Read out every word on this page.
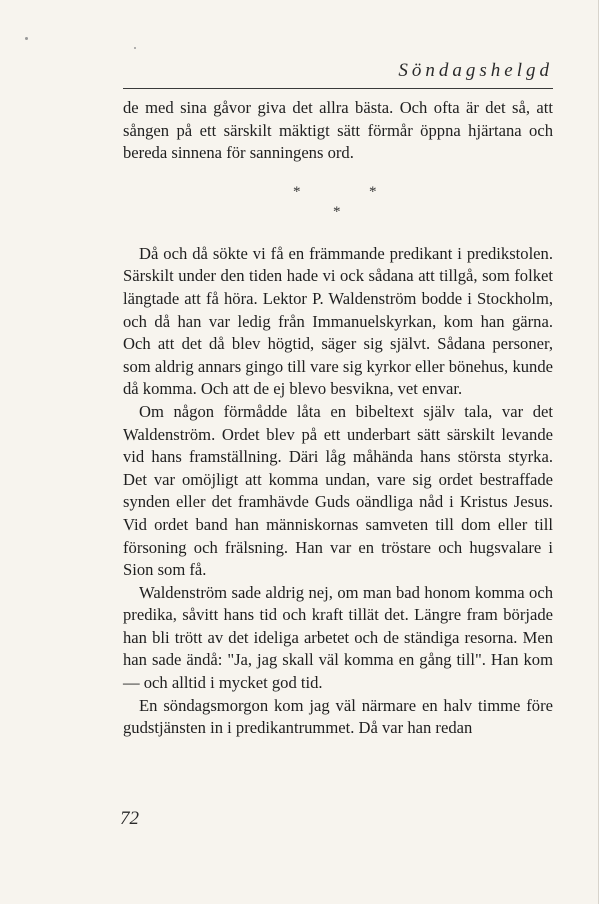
Söndagshelgd

de med sina gåvor giva det allra bästa. Och ofta är det så, att sången på ett särskilt mäktigt sätt förmår öppna hjärtana och bereda sinnena för sanningens ord.

*	*
*

Då och då sökte vi få en främmande predikant i predikstolen. Särskilt under den tiden hade vi ock sådana att tillgå, som folket längtade att få höra. Lektor P. Waldenström bodde i Stockholm, och då han var ledig från Immanuelskyrkan, kom han gärna. Och att det då blev högtid, säger sig självt. Sådana personer, som aldrig annars gingo till vare sig kyrkor eller bönehus, kunde då komma. Och att de ej blevo besvikna, vet envar.

Om någon förmådde låta en bibeltext själv tala, var det Waldenström. Ordet blev på ett underbart sätt särskilt levande vid hans framställning. Däri låg måhända hans största styrka. Det var omöjligt att komma undan, vare sig ordet bestraffade synden eller det framhävde Guds oändliga nåd i Kristus Jesus. Vid ordet band han människornas samveten till dom eller till försoning och frälsning. Han var en tröstare och hugsvalare i Sion som få.

Waldenström sade aldrig nej, om man bad honom komma och predika, såvitt hans tid och kraft tillät det. Längre fram började han bli trött av det ideliga arbetet och de ständiga resorna. Men han sade ändå: "Ja, jag skall väl komma en gång till". Han kom — och alltid i mycket god tid.

En söndagsmorgon kom jag väl närmare en halv timme före gudstjänsten in i predikantrummet. Då var han redan

72
